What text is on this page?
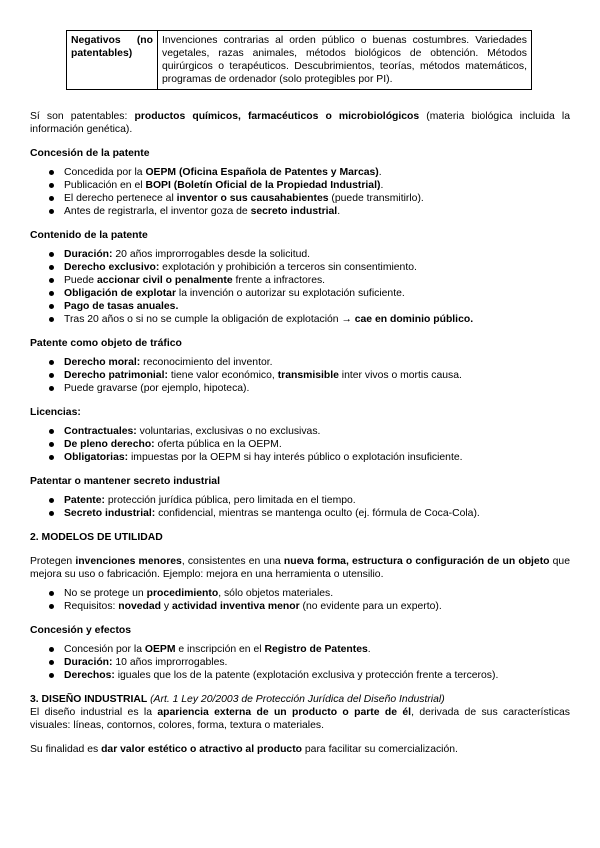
Negativos (no patentables)	Invenciones contrarias al orden público o buenas costumbres. Variedades vegetales, razas animales, métodos biológicos de obtención. Métodos quirúrgicos o terapéuticos. Descubrimientos, teorías, métodos matemáticos, programas de ordenador (solo protegibles por PI).

Sí son patentables: productos químicos, farmacéuticos o microbiológicos (materia biológica incluida la información genética).

Concesión de la patente

Concedida por la OEPM (Oficina Española de Patentes y Marcas).
Publicación en el BOPI (Boletín Oficial de la Propiedad Industrial).
El derecho pertenece al inventor o sus causahabientes (puede transmitirlo).
Antes de registrarla, el inventor goza de secreto industrial.

Contenido de la patente

Duración: 20 años improrrogables desde la solicitud.
Derecho exclusivo: explotación y prohibición a terceros sin consentimiento.
Puede accionar civil o penalmente frente a infractores.
Obligación de explotar la invención o autorizar su explotación suficiente.
Pago de tasas anuales.
Tras 20 años o si no se cumple la obligación de explotación → cae en dominio público.

Patente como objeto de tráfico

Derecho moral: reconocimiento del inventor.
Derecho patrimonial: tiene valor económico, transmisible inter vivos o mortis causa.
Puede gravarse (por ejemplo, hipoteca).

Licencias:

Contractuales: voluntarias, exclusivas o no exclusivas.
De pleno derecho: oferta pública en la OEPM.
Obligatorias: impuestas por la OEPM si hay interés público o explotación insuficiente.

Patentar o mantener secreto industrial

Patente: protección jurídica pública, pero limitada en el tiempo.
Secreto industrial: confidencial, mientras se mantenga oculto (ej. fórmula de Coca-Cola).

2. MODELOS DE UTILIDAD

Protegen invenciones menores, consistentes en una nueva forma, estructura o configuración de un objeto que mejora su uso o fabricación. Ejemplo: mejora en una herramienta o utensilio.

No se protege un procedimiento, sólo objetos materiales.
Requisitos: novedad y actividad inventiva menor (no evidente para un experto).

Concesión y efectos

Concesión por la OEPM e inscripción en el Registro de Patentes.
Duración: 10 años improrrogables.
Derechos: iguales que los de la patente (explotación exclusiva y protección frente a terceros).

3. DISEÑO INDUSTRIAL (Art. 1 Ley 20/2003 de Protección Jurídica del Diseño Industrial)

El diseño industrial es la apariencia externa de un producto o parte de él, derivada de sus características visuales: líneas, contornos, colores, forma, textura o materiales.

Su finalidad es dar valor estético o atractivo al producto para facilitar su comercialización.
